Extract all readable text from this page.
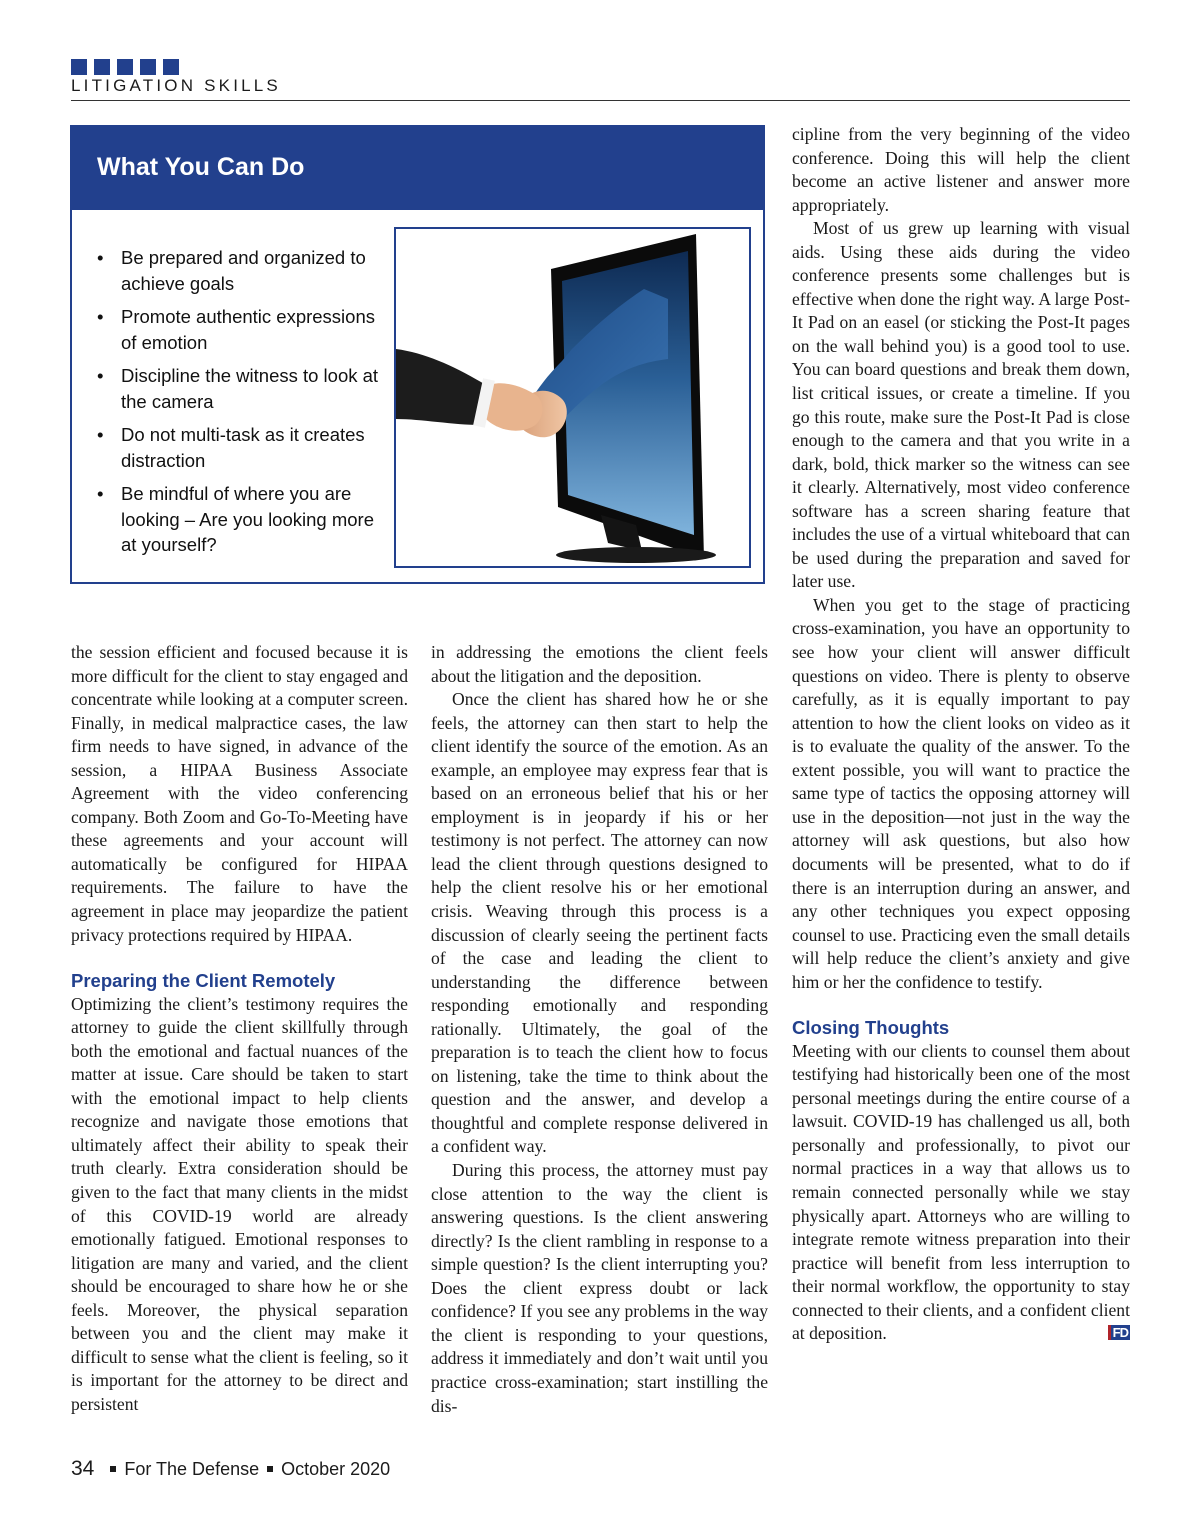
LITIGATION SKILLS
What You Can Do
• Be prepared and organized to achieve goals
• Promote authentic expressions of emotion
• Discipline the witness to look at the camera
• Do not multi-task as it creates distraction
• Be mindful of where you are looking – Are you looking more at yourself?

the session efficient and focused because it is more difficult for the client to stay engaged and concentrate while looking at a computer screen. Finally, in medical malpractice cases, the law firm needs to have signed, in advance of the session, a HIPAA Business Associate Agreement with the video conferencing company. Both Zoom and Go-To-Meeting have these agreements and your account will automatically be configured for HIPAA requirements. The failure to have the agreement in place may jeopardize the patient privacy protections required by HIPAA.

Preparing the Client Remotely

Optimizing the client’s testimony requires the attorney to guide the client skillfully through both the emotional and factual nuances of the matter at issue. Care should be taken to start with the emotional impact to help clients recognize and navigate those emotions that ultimately affect their ability to speak their truth clearly. Extra consideration should be given to the fact that many clients in the midst of this COVID-19 world are already emotionally fatigued. Emotional responses to litigation are many and varied, and the client should be encouraged to share how he or she feels. Moreover, the physical separation between you and the client may make it difficult to sense what the client is feeling, so it is important for the attorney to be direct and persistent

in addressing the emotions the client feels about the litigation and the deposition.

Once the client has shared how he or she feels, the attorney can then start to help the client identify the source of the emotion. As an example, an employee may express fear that is based on an erroneous belief that his or her employment is in jeopardy if his or her testimony is not perfect. The attorney can now lead the client through questions designed to help the client resolve his or her emotional crisis. Weaving through this process is a discussion of clearly seeing the pertinent facts of the case and leading the client to understanding the difference between responding emotionally and responding rationally. Ultimately, the goal of the preparation is to teach the client how to focus on listening, take the time to think about the question and the answer, and develop a thoughtful and complete response delivered in a confident way.

During this process, the attorney must pay close attention to the way the client is answering questions. Is the client answering directly? Is the client rambling in response to a simple question? Is the client interrupting you? Does the client express doubt or lack confidence? If you see any problems in the way the client is responding to your questions, address it immediately and don’t wait until you practice cross-examination; start instilling the dis-

cipline from the very beginning of the video conference. Doing this will help the client become an active listener and answer more appropriately.

Most of us grew up learning with visual aids. Using these aids during the video conference presents some challenges but is effective when done the right way. A large Post-It Pad on an easel (or sticking the Post-It pages on the wall behind you) is a good tool to use. You can board questions and break them down, list critical issues, or create a timeline. If you go this route, make sure the Post-It Pad is close enough to the camera and that you write in a dark, bold, thick marker so the witness can see it clearly. Alternatively, most video conference software has a screen sharing feature that includes the use of a virtual whiteboard that can be used during the preparation and saved for later use.

When you get to the stage of practicing cross-examination, you have an opportunity to see how your client will answer difficult questions on video. There is plenty to observe carefully, as it is equally important to pay attention to how the client looks on video as it is to evaluate the quality of the answer. To the extent possible, you will want to practice the same type of tactics the opposing attorney will use in the deposition—not just in the way the attorney will ask questions, but also how documents will be presented, what to do if there is an interruption during an answer, and any other techniques you expect opposing counsel to use. Practicing even the small details will help reduce the client’s anxiety and give him or her the confidence to testify.

Closing Thoughts

Meeting with our clients to counsel them about testifying had historically been one of the most personal meetings during the entire course of a lawsuit. COVID-19 has challenged us all, both personally and professionally, to pivot our normal practices in a way that allows us to remain connected personally while we stay physically apart. Attorneys who are willing to integrate remote witness preparation into their practice will benefit from less interruption to their normal workflow, the opportunity to stay connected to their clients, and a confident client at deposition.	FD

34 For The Defense October 2020
